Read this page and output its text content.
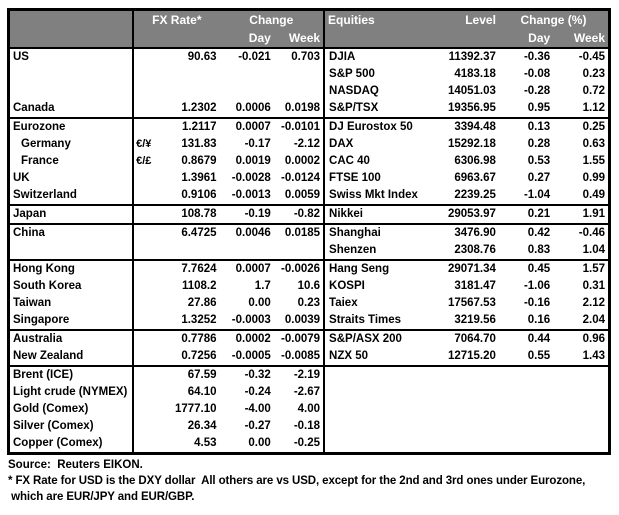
	FX Rate*		Change		Equities	Level	Change (%)	
			Day	Week			Day	Week
US		90.63	-0.021	0.703	DJIA	11392.37	-0.36	-0.45
					S&P 500	4183.18	-0.08	0.23
					NASDAQ	14051.03	-0.28	0.72
Canada		1.2302	0.0006	0.0198	S&P/TSX	19356.95	0.95	1.12
Eurozone		1.2117	0.0007	-0.0101	DJ Eurostox 50	3394.48	0.13	0.25
Germany	€/¥	131.83	-0.17	-2.12	DAX	15292.18	0.28	0.63
France	€/£	0.8679	0.0019	0.0002	CAC 40	6306.98	0.53	1.55
UK		1.3961	-0.0028	-0.0124	FTSE 100	6963.67	0.27	0.99
Switzerland		0.9106	-0.0013	0.0059	Swiss Mkt Index	2239.25	-1.04	0.49
Japan		108.78	-0.19	-0.82	Nikkei	29053.97	0.21	1.91
China		6.4725	0.0046	0.0185	Shanghai	3476.90	0.42	-0.46
					Shenzen	2308.76	0.83	1.04
Hong Kong		7.7624	0.0007	-0.0026	Hang Seng	29071.34	0.45	1.57
South Korea		1108.2	1.7	10.6	KOSPI	3181.47	-1.06	0.31
Taiwan		27.86	0.00	0.23	Taiex	17567.53	-0.16	2.12
Singapore		1.3252	-0.0003	0.0039	Straits Times	3219.56	0.16	2.04
Australia		0.7786	0.0002	-0.0079	S&P/ASX 200	7064.70	0.44	0.96
New Zealand		0.7256	-0.0005	-0.0085	NZX 50	12715.20	0.55	1.43
Brent (ICE)		67.59	-0.32	-2.19				
Light crude (NYMEX)		64.10	-0.24	-2.67				
Gold (Comex)		1777.10	-4.00	4.00				
Silver (Comex)		26.34	-0.27	-0.18				
Copper (Comex)		4.53	0.00	-0.25				
Source:  Reuters EIKON.
* FX Rate for USD is the DXY dollar  All others are vs USD, except for the 2nd and 3rd ones under Eurozone,
which are EUR/JPY and EUR/GBP.
